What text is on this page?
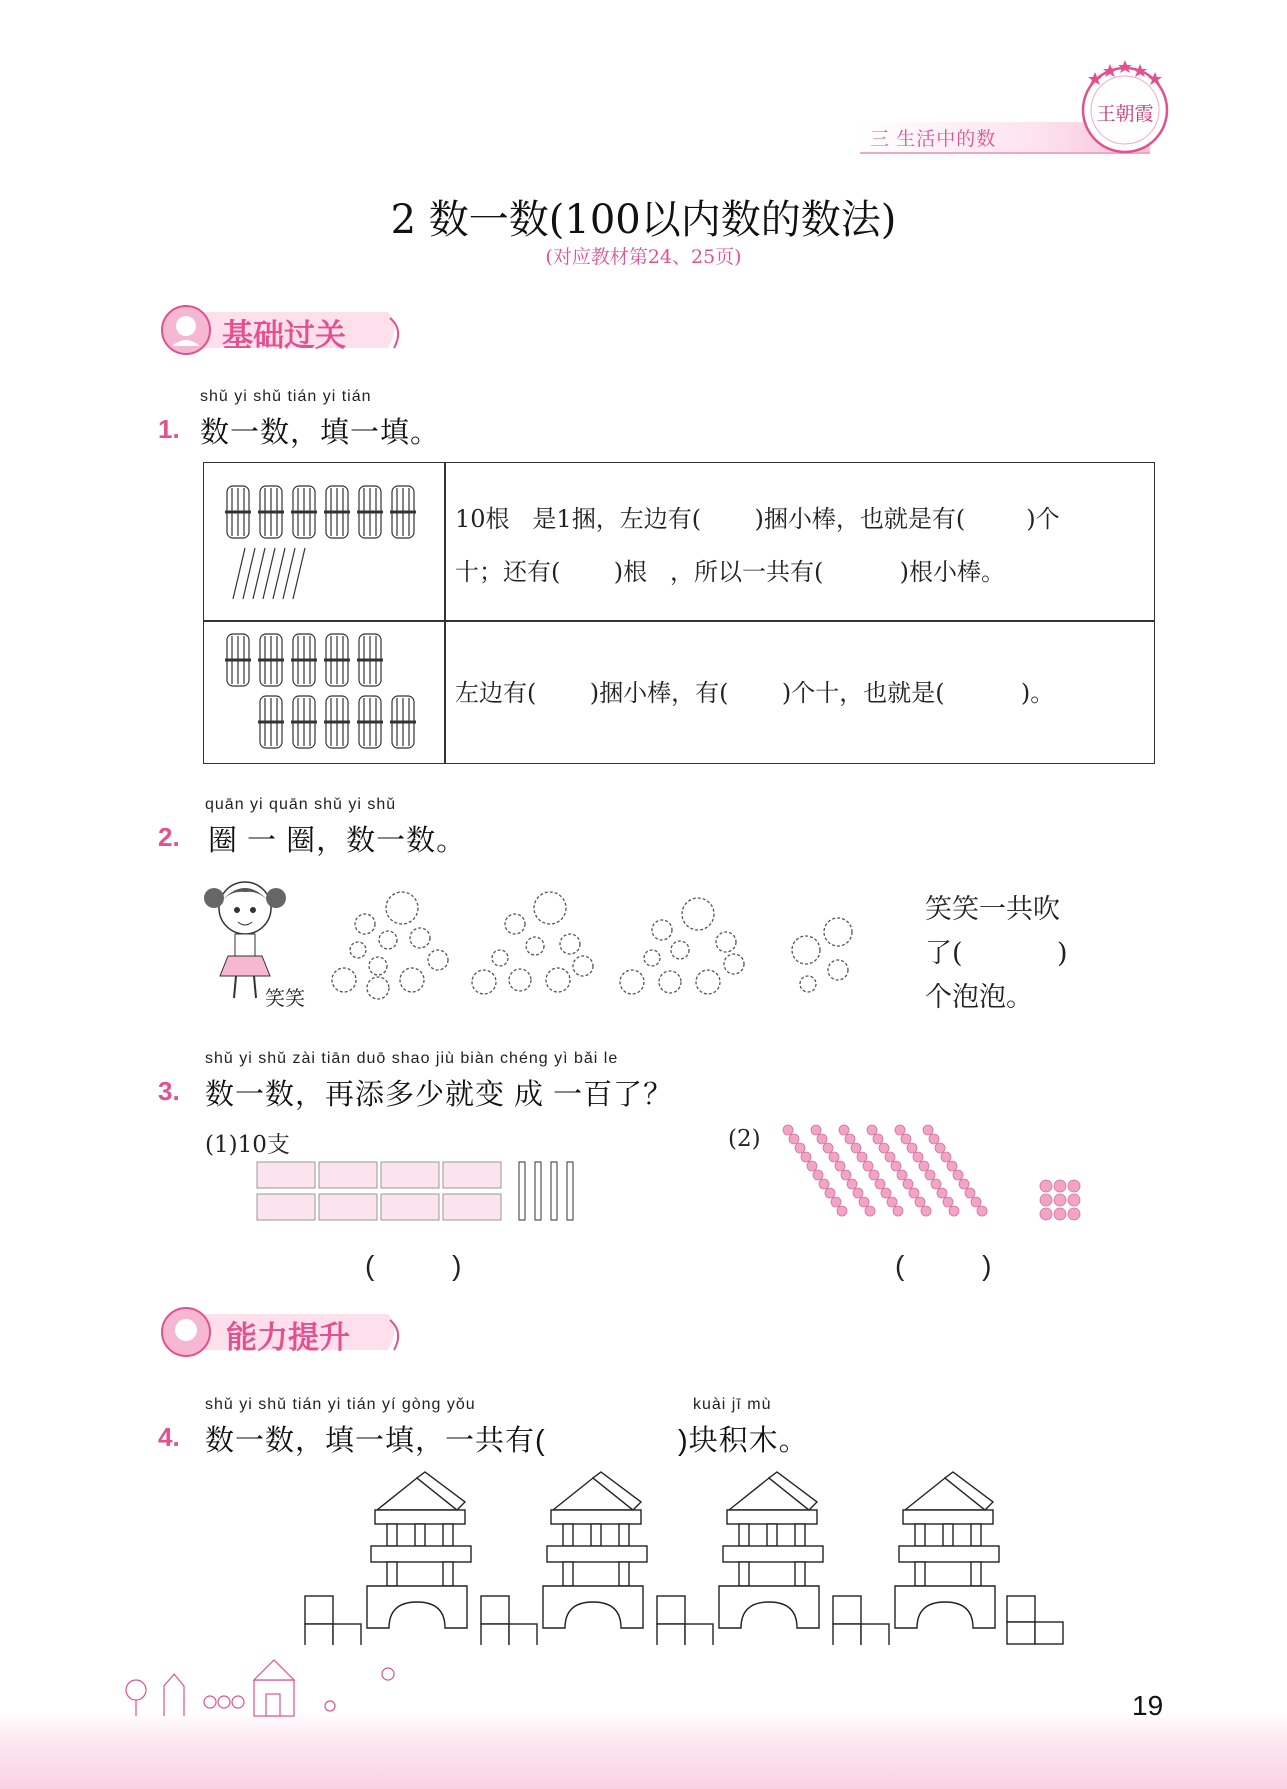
三 生活中的数
王朝霞
2 数一数(100以内数的数法)
(对应教材第24、25页)
基础过关
shǔ yi shǔ tián yi tián
1. 数一数，填一填。
10根   是1捆，左边有(       )捆小棒，也就是有(        )个
十；还有(       )根   ，所以一共有(          )根小棒。
左边有(       )捆小棒，有(       )个十，也就是(          )。
quān yi quān shǔ yi shǔ
2. 圈 一 圈，数一数。
笑笑
笑笑一共吹
了(           )
个泡泡。
shǔ yi shǔ zài tiān duō shao jiù biàn chéng yì bǎi le
3. 数一数，再添多少就变 成 一百了？
(1)10支
(          )
(2)
(          )
能力提升
shǔ yi shǔ tián yi tián yí gòng yǒu	kuài jī mù
4. 数一数，填一填，一共有(	)块积木。
19
